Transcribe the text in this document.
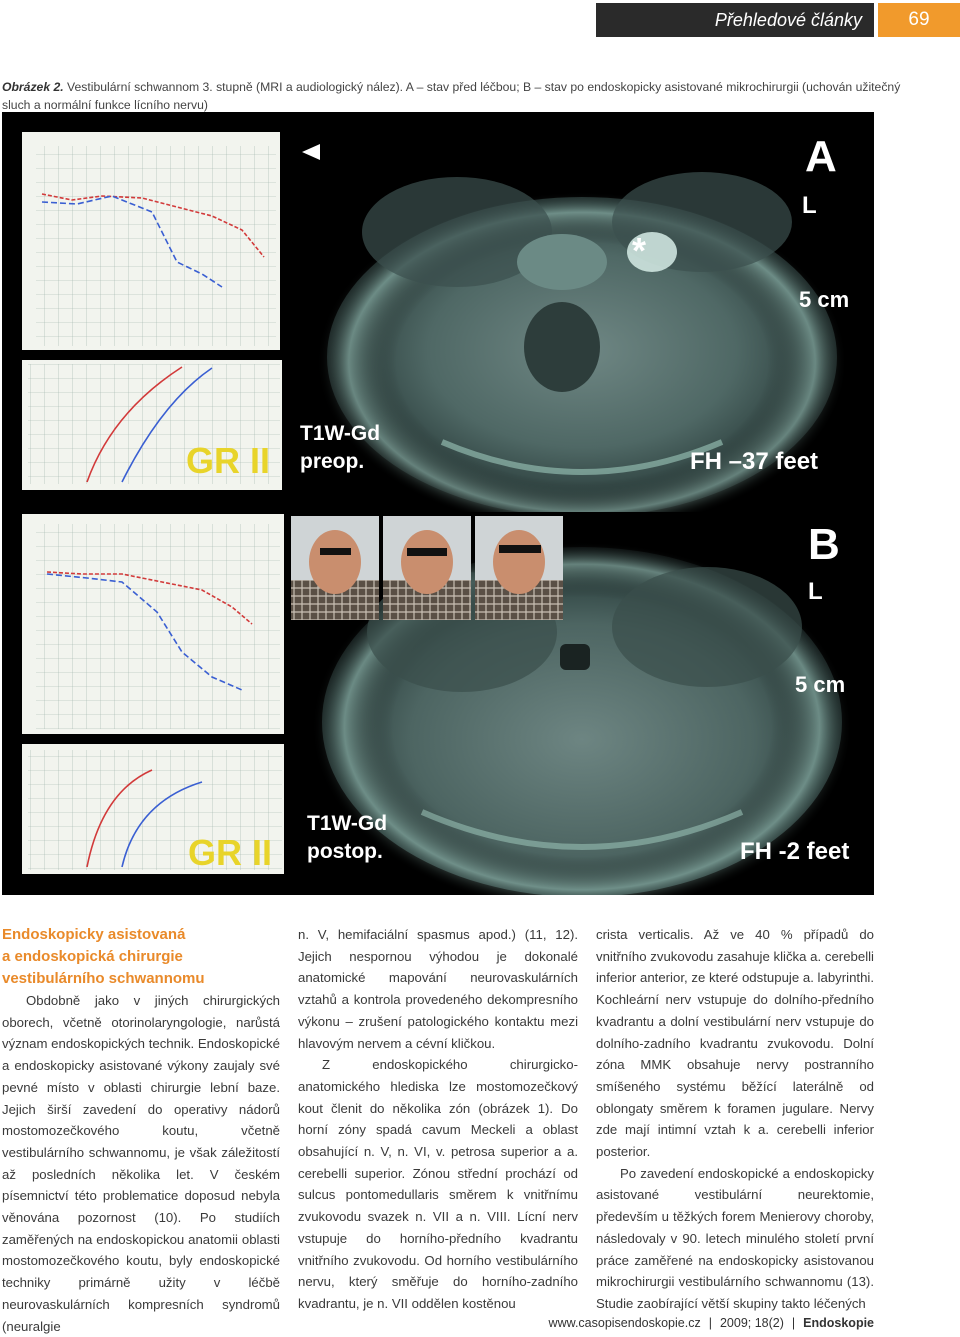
Přehledové články	69
Obrázek 2. Vestibulární schwannom 3. stupně (MRI a audiologický nález). A – stav před léčbou; B – stav po endoskopicky asistované mikrochirurgii (uchován užitečný sluch a normální funkce lícního nervu)
A
L
5 cm
*
T1W-Gd
preop.	FH –37 feet
GR II
B
L
5 cm
T1W-Gd
postop.	FH -2 feet
GR II
Endoskopicky asistovaná
a endoskopická chirurgie
vestibulárního schwannomu

Obdobně jako v jiných chirurgických oborech, včetně otorinolaryngologie, narůstá význam endoskopických technik. Endoskopické a endoskopicky asistované výkony zaujaly své pevné místo v oblasti chirurgie lební baze. Jejich širší zavedení do operativy nádorů mostomozečkového koutu, včetně vestibulárního schwannomu, je však záležitostí až posledních několika let. V českém písemnictví této problematice doposud nebyla věnována pozornost (10). Po studiích zaměřených na endoskopickou anatomii oblasti mostomozečkového koutu, byly endoskopické techniky primárně užity v léčbě neurovaskulárních kompresních syndromů (neuralgie

n. V, hemifaciální spasmus apod.) (11, 12). Jejich nespornou výhodou je dokonalé anatomické mapování neurovaskulárních vztahů a kontrola provedeného dekompresního výkonu – zrušení patologického kontaktu mezi hlavovým nervem a cévní kličkou.

Z endoskopického chirurgicko-anatomického hlediska lze mostomozečkový kout členit do několika zón (obrázek 1). Do horní zóny spadá cavum Meckeli a oblast obsahující n. V, n. VI, v. petrosa superior a a. cerebelli superior. Zónou střední prochází od sulcus pontomedullaris směrem k vnitřnímu zvukovodu svazek n. VII a n. VIII. Lícní nerv vstupuje do horního-předního kvadrantu vnitřního zvukovodu. Od horního vestibulárního nervu, který směřuje do horního-zadního kvadrantu, je n. VII oddělen kostěnou

crista verticalis. Až ve 40 % případů do vnitřního zvukovodu zasahuje klička a. cerebelli inferior anterior, ze které odstupuje a. labyrinthi. Kochleární nerv vstupuje do dolního-předního kvadrantu a dolní vestibulární nerv vstupuje do dolního-zadního kvadrantu zvukovodu. Dolní zóna MMK obsahuje nervy postranního smíšeného systému běžící laterálně od oblongaty směrem k foramen jugulare. Nervy zde mají intimní vztah k a. cerebelli inferior posterior.

Po zavedení endoskopické a endoskopicky asistované vestibulární neurektomie, především u těžkých forem Menierovy choroby, následovaly v 90. letech minulého století první práce zaměřené na endoskopicky asistovanou mikrochirurgii vestibulárního schwannomu (13). Studie zaobírající větší skupiny takto léčených

www.casopisendoskopie.cz | 2009; 18(2) | Endoskopie
